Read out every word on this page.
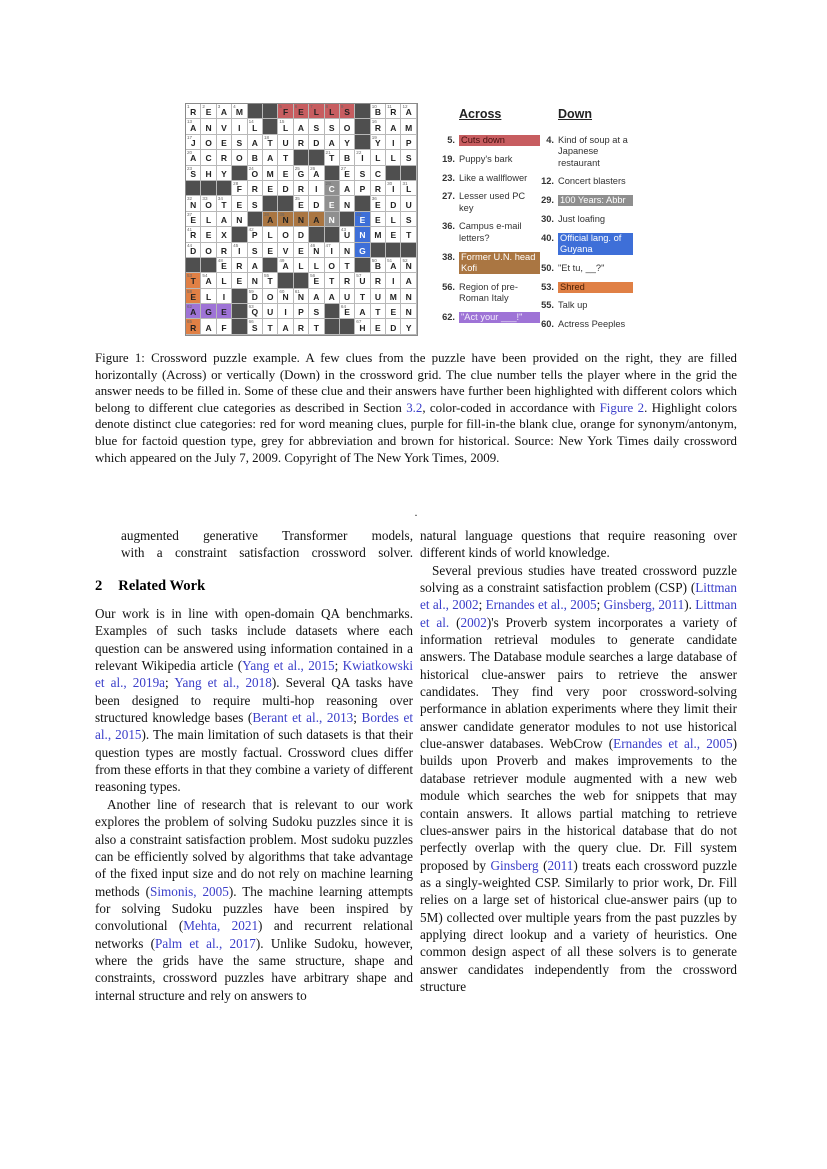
1
R
2
E
3
A
4
M
5
F
6
E
7
L
8
L
9
S
10
B
11
R
12
A
13
A N V I
14
L
15
L A S S O
16
R A M
17
J O E S A
18
T U R D A Y
19
Y I P
20
A C R O B A T
21
T B
22
I L L S
23
S H Y
24
O M E
25
G
26
A
27
E S C
28
F R E D R I
29
C A P R
30
I
31
L
32
N
33
O
34
T E S
35
E D E N
36
E D U
37
E L A N
38
A
39
N N A N
40
E E L S
41
R E X
42
P L O D
43
U N M E T
44
D O R
45
I S E V E
46
N
47
I N G
48
E R A
49
A L L O T
50
B
51
A
52
N
53
T
54
A L E N
55
T
56
E T R
57
U R I A
58
E L I
59
D O
60
N
61
N A A U T U M N
62
A G E
63
Q U I P S
64
E A T E N
65
R A F
66
S T A R T
67
H E D Y
Across
5. Cuts down
19. Puppy's bark
23. Like a wallflower
27. Lesser used PC key
36. Campus e-mail letters?
38. Former U.N. head Kofi
56. Region of pre-Roman Italy
62. "Act your ___!"
Down
4. Kind of soup at a Japanese restaurant
12. Concert blasters
29. 100 Years: Abbr
30. Just loafing
40. Official lang. of Guyana
50. "Et tu, __?"
53. Shred
55. Talk up
60. Actress Peeples
Figure 1: Crossword puzzle example. A few clues from the puzzle have been provided on the right, they are filled horizontally (Across) or vertically (Down) in the crossword grid. The clue number tells the player where in the grid the answer needs to be filled in. Some of these clue and their answers have further been highlighted with different colors which belong to different clue categories as described in Section 3.2, color-coded in accordance with Figure 2. Highlight colors denote distinct clue categories: red for word meaning clues, purple for fill-in-the blank clue, orange for synonym/antonym, blue for factoid question type, grey for abbreviation and brown for historical. Source: New York Times daily crossword which appeared on the July 7, 2009. Copyright of The New York Times, 2009.
.
augmented generative Transformer models,
with a constraint satisfaction crossword solver.
2 Related Work

Our work is in line with open-domain QA benchmarks. Examples of such tasks include datasets where each question can be answered using information contained in a relevant Wikipedia article (Yang et al., 2015; Kwiatkowski et al., 2019a; Yang et al., 2018). Several QA tasks have been designed to require multi-hop reasoning over structured knowledge bases (Berant et al., 2013; Bordes et al., 2015). The main limitation of such datasets is that their question types are mostly factual. Crossword clues differ from these efforts in that they combine a variety of different reasoning types.

Another line of research that is relevant to our work explores the problem of solving Sudoku puzzles since it is also a constraint satisfaction problem. Most sudoku puzzles can be efficiently solved by algorithms that take advantage of the fixed input size and do not rely on machine learning methods (Simonis, 2005). The machine learning attempts for solving Sudoku puzzles have been inspired by convolutional (Mehta, 2021) and recurrent relational networks (Palm et al., 2017). Unlike Sudoku, however, where the grids have the same structure, shape and constraints, crossword puzzles have arbitrary shape and internal structure and rely on answers to

natural language questions that require reasoning over different kinds of world knowledge.

Several previous studies have treated crossword puzzle solving as a constraint satisfaction problem (CSP) (Littman et al., 2002; Ernandes et al., 2005; Ginsberg, 2011). Littman et al. (2002)'s Proverb system incorporates a variety of information retrieval modules to generate candidate answers. The Database module searches a large database of historical clue-answer pairs to retrieve the answer candidates. They find very poor crossword-solving performance in ablation experiments where they limit their answer candidate generator modules to not use historical clue-answer databases. WebCrow (Ernandes et al., 2005) builds upon Proverb and makes improvements to the database retriever module augmented with a new web module which searches the web for snippets that may contain answers. It allows partial matching to retrieve clues-answer pairs in the historical database that do not perfectly overlap with the query clue. Dr. Fill system proposed by Ginsberg (2011) treats each crossword puzzle as a singly-weighted CSP. Similarly to prior work, Dr. Fill relies on a large set of historical clue-answer pairs (up to 5M) collected over multiple years from the past puzzles by applying direct lookup and a variety of heuristics. One common design aspect of all these solvers is to generate answer candidates independently from the crossword structure
